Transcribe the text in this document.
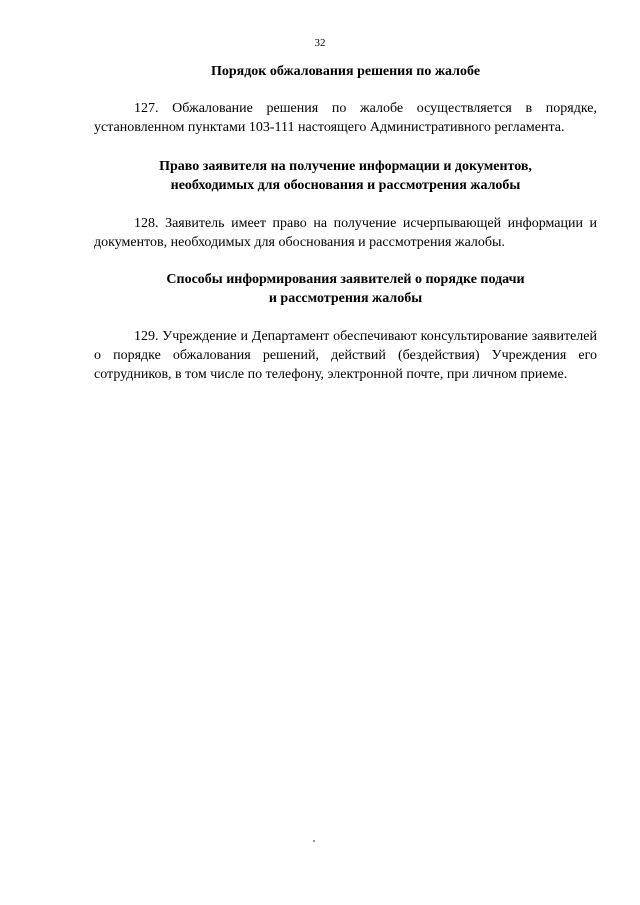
32
Порядок обжалования решения по жалобе

127. Обжалование решения по жалобе осуществляется в порядке, установленном пунктами 103-111 настоящего Административного регламента.

Право заявителя на получение информации и документов,
необходимых для обоснования и рассмотрения жалобы

128. Заявитель имеет право на получение исчерпывающей информации и документов, необходимых для обоснования и рассмотрения жалобы.

Способы информирования заявителей о порядке подачи
и рассмотрения жалобы

129. Учреждение и Департамент обеспечивают консультирование заявителей о порядке обжалования решений, действий (бездействия) Учреждения его сотрудников, в том числе по телефону, электронной почте, при личном приеме.
